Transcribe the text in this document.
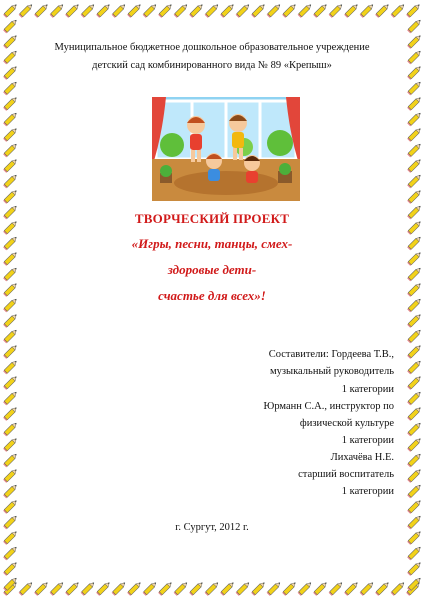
Муниципальное бюджетное дошкольное образовательное учреждение

детский сад комбинированного вида № 89 «Крепыш»

ТВОРЧЕСКИЙ ПРОЕКТ

«Игры, песни, танцы, смех-

здоровые дети-

счастье для всех»!

Составители: Гордеева Т.В.,

музыкальный руководитель

1 категории

Юрманн С.А., инструктор по

физической культуре

1 категории

Лихачёва Н.Е.

старший воспитатель

1 категории

г. Сургут, 2012 г.
